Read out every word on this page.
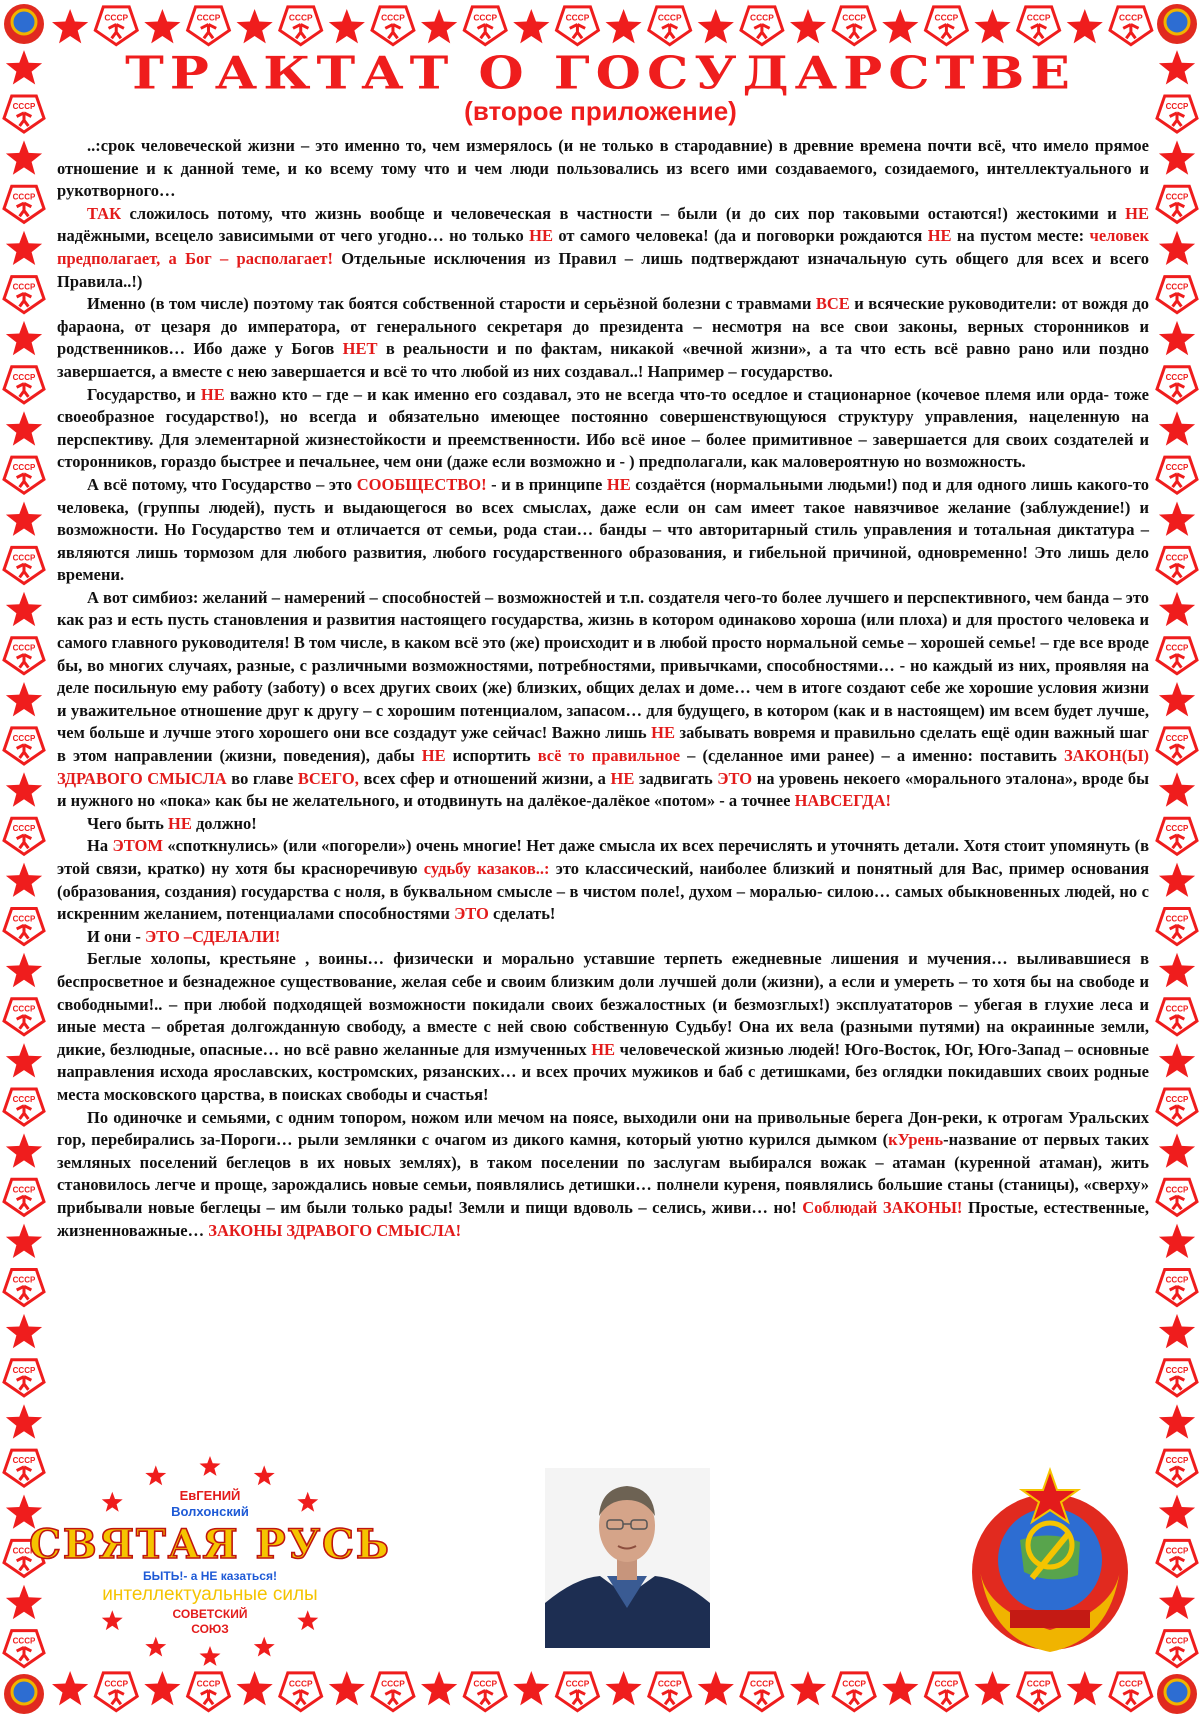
СССР
СССР
СССР
СССР
СССР
СССР
СССР
СССР
СССР
СССР
СССР
СССР
СССР
СССР
СССР
СССР
СССР
СССР
СССР
СССР
СССР
СССР
СССР
СССР
СССР	СССР
СССР	СССР
СССР	СССР
СССР	СССР
СССР	СССР
СССР	СССР
СССР	СССР
СССР	СССР
СССР	СССР
СССР	СССР
СССР	СССР
СССР	СССР
СССР	СССР
СССР	СССР
СССР	СССР
СССР	СССР
СССР	СССР
СССР	СССР
ТРАКТАТ О ГОСУДАРСТВЕ
(второе приложение)

..:срок человеческой жизни – это именно то, чем измерялось (и не только в стародавние) в древние времена почти всё, что имело прямое отношение и к данной теме, и ко всему тому что и чем люди пользовались из всего ими создаваемого, созидаемого, интеллектуального и рукотворного…

ТАК сложилось потому, что жизнь вообще и человеческая в частности – были (и до сих пор таковыми остаются!) жестокими и НЕ надёжными, всецело зависимыми от чего угодно… но только НЕ от самого человека! (да и поговорки рождаются НЕ на пустом месте: человек предполагает, а Бог – располагает! Отдельные исключения из Правил – лишь подтверждают изначальную суть общего для всех и всего Правила..!)

Именно (в том числе) поэтому так боятся собственной старости и серьёзной болезни с травмами ВСЕ и всяческие руководители: от вождя до фараона, от цезаря до императора, от генерального секретаря до президента – несмотря на все свои законы, верных сторонников и родственников… Ибо даже у Богов НЕТ в реальности и по фактам, никакой «вечной жизни», а та что есть всё равно рано или поздно завершается, а вместе с нею завершается и всё то что любой из них создавал..! Например – государство.

Государство, и НЕ важно кто – где – и как именно его создавал, это не всегда что-то оседлое и стационарное (кочевое племя или орда- тоже своеобразное государство!), но всегда и обязательно имеющее постоянно совершенствующуюся структуру управления, нацеленную на перспективу. Для элементарной жизнестойкости и преемственности. Ибо всё иное – более примитивное – завершается для своих создателей и сторонников, гораздо быстрее и печальнее, чем они (даже если возможно и - ) предполагали, как маловероятную но возможность.

А всё потому, что Государство – это СООБЩЕСТВО! - и в принципе НЕ создаётся (нормальными людьми!) под и для одного лишь какого-то человека, (группы людей), пусть и выдающегося во всех смыслах, даже если он сам имеет такое навязчивое желание (заблуждение!) и возможности. Но Государство тем и отличается от семьи, рода стаи… банды – что авторитарный стиль управления и тотальная диктатура – являются лишь тормозом для любого развития, любого государственного образования, и гибельной причиной, одновременно! Это лишь дело времени.

А вот симбиоз: желаний – намерений – способностей – возможностей и т.п. создателя чего-то более лучшего и перспективного, чем банда – это как раз и есть пусть становления и развития настоящего государства, жизнь в котором одинаково хороша (или плоха) и для простого человека и самого главного руководителя! В том числе, в каком всё это (же) происходит и в любой просто нормальной семье – хорошей семье! – где все вроде бы, во многих случаях, разные, с различными возможностями, потребностями, привычками, способностями… - но каждый из них, проявляя на деле посильную ему работу (заботу) о всех других своих (же) близких, общих делах и доме… чем в итоге создают себе же хорошие условия жизни и уважительное отношение друг к другу – с хорошим потенциалом, запасом… для будущего, в котором (как и в настоящем) им всем будет лучше, чем больше и лучше этого хорошего они все создадут уже сейчас! Важно лишь НЕ забывать вовремя и правильно сделать ещё один важный шаг в этом направлении (жизни, поведения), дабы НЕ испортить всё то правильное – (сделанное ими ранее) – а именно: поставить ЗАКОН(Ы) ЗДРАВОГО СМЫСЛА во главе ВСЕГО, всех сфер и отношений жизни, а НЕ задвигать ЭТО на уровень некоего «морального эталона», вроде бы и нужного но «пока» как бы не желательного, и отодвинуть на далёкое-далёкое «потом» - а точнее НАВСЕГДА!

Чего быть НЕ должно!

На ЭТОМ «споткнулись» (или «погорели») очень многие! Нет даже смысла их всех перечислять и уточнять детали. Хотя стоит упомянуть (в этой связи, кратко) ну хотя бы красноречивую судьбу казаков..: это классический, наиболее близкий и понятный для Вас, пример основания (образования, создания) государства с ноля, в буквальном смысле – в чистом поле!, духом – моралью- силою… самых обыкновенных людей, но с искренним желанием, потенциалами способностями ЭТО сделать!

И они - ЭТО –СДЕЛАЛИ!

Беглые холопы, крестьяне , воины… физически и морально уставшие терпеть ежедневные лишения и мучения… выливавшиеся в беспросветное и безнадежное существование, желая себе и своим близким доли лучшей доли (жизни), а если и умереть – то хотя бы на свободе и свободными!.. – при любой подходящей возможности покидали своих безжалостных (и безмозглых!) эксплуататоров – убегая в глухие леса и иные места – обретая долгожданную свободу, а вместе с ней свою собственную Судьбу! Она их вела (разными путями) на окраинные земли, дикие, безлюдные, опасные… но всё равно желанные для измученных НЕ человеческой жизнью людей! Юго-Восток, Юг, Юго-Запад – основные направления исхода ярославских, костромских, рязанских… и всех прочих мужиков и баб с детишками, без оглядки покидавших своих родные места московского царства, в поисках свободы и счастья!

По одиночке и семьями, с одним топором, ножом или мечом на поясе, выходили они на привольные берега Дон-реки, к отрогам Уральских гор, перебирались за-Пороги… рыли землянки с очагом из дикого камня, который уютно курился дымком (кУрень-название от первых таких земляных поселений беглецов в их новых землях), в таком поселении по заслугам выбирался вожак – атаман (куренной атаман), жить становилось легче и проще, зарождались новые семьи, появлялись детишки… полнели куреня, появлялись большие станы (станицы), «сверху» прибывали новые беглецы – им были только рады! Земли и пищи вдоволь – селись, живи… но! Соблюдай ЗАКОНЫ! Простые, естественные, жизненноважные… ЗАКОНЫ ЗДРАВОГО СМЫСЛА!

ЕвГЕНИЙ
Волхонский
СВЯТАЯ РУСЬ
БЫТЬ!- а НЕ казаться!
интеллектуальные силы
СОВЕТСКИЙ
СОЮЗ
